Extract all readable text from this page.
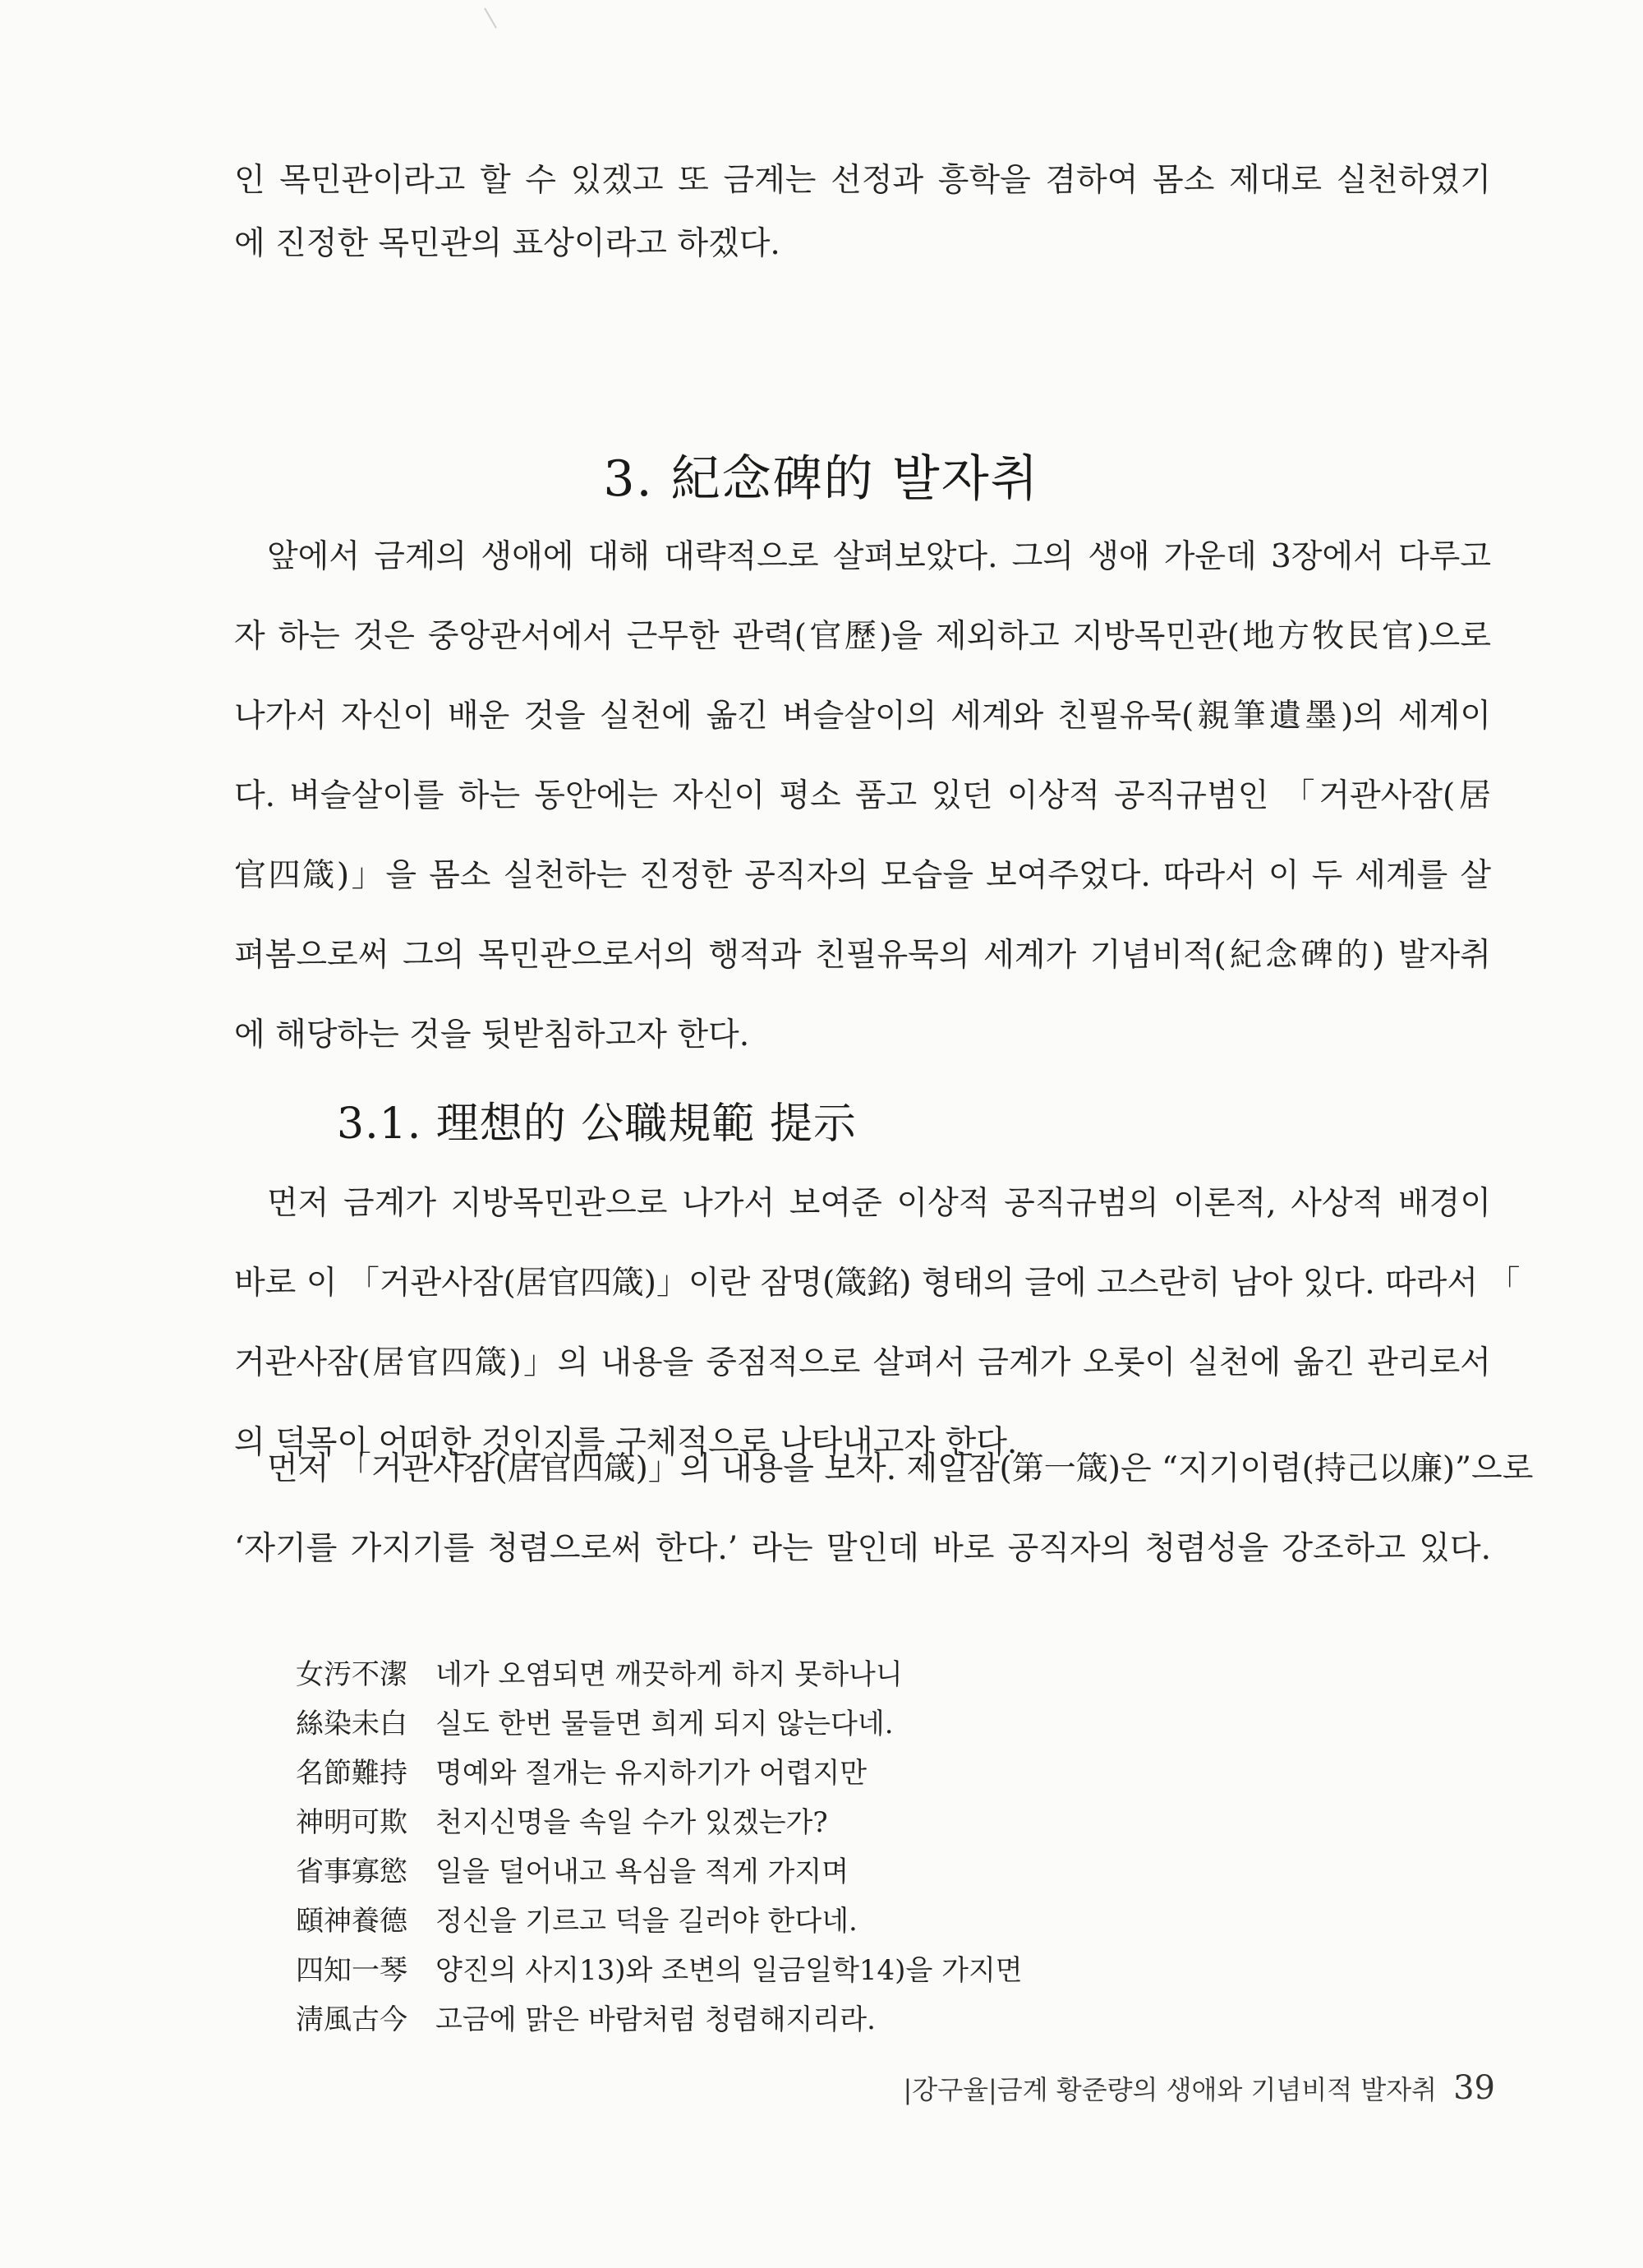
인 목민관이라고 할 수 있겠고 또 금계는 선정과 흥학을 겸하여 몸소 제대로 실천하였기
에 진정한 목민관의 표상이라고 하겠다.
3. 紀念碑的 발자취
앞에서 금계의 생애에 대해 대략적으로 살펴보았다. 그의 생애 가운데 3장에서 다루고
자 하는 것은 중앙관서에서 근무한 관력(官歷)을 제외하고 지방목민관(地方牧民官)으로
나가서 자신이 배운 것을 실천에 옮긴 벼슬살이의 세계와 친필유묵(親筆遺墨)의 세계이
다. 벼슬살이를 하는 동안에는 자신이 평소 품고 있던 이상적 공직규범인 「거관사잠(居
官四箴)」을 몸소 실천하는 진정한 공직자의 모습을 보여주었다. 따라서 이 두 세계를 살
펴봄으로써 그의 목민관으로서의 행적과 친필유묵의 세계가 기념비적(紀念碑的) 발자취
에 해당하는 것을 뒷받침하고자 한다.
3.1. 理想的 公職規範 提示
먼저 금계가 지방목민관으로 나가서 보여준 이상적 공직규범의 이론적, 사상적 배경이
바로 이 「거관사잠(居官四箴)」이란 잠명(箴銘) 형태의 글에 고스란히 남아 있다. 따라서 「
거관사잠(居官四箴)」의 내용을 중점적으로 살펴서 금계가 오롯이 실천에 옮긴 관리로서
의 덕목이 어떠한 것인지를 구체적으로 나타내고자 한다.
먼저 「거관사잠(居官四箴)」의 내용을 보자. 제일잠(第一箴)은 “지기이렴(持己以廉)”으로
‘자기를 가지기를 청렴으로써 한다.’ 라는 말인데 바로 공직자의 청렴성을 강조하고 있다.
女汚不潔 네가 오염되면 깨끗하게 하지 못하나니
絲染未白 실도 한번 물들면 희게 되지 않는다네.
名節難持 명예와 절개는 유지하기가 어렵지만
神明可欺 천지신명을 속일 수가 있겠는가?
省事寡慾 일을 덜어내고 욕심을 적게 가지며
頤神養德 정신을 기르고 덕을 길러야 한다네.
四知一琴 양진의 사지13)와 조변의 일금일학14)을 가지면
淸風古今 고금에 맑은 바람처럼 청렴해지리라.
|강구율|금계 황준량의 생애와 기념비적 발자취 39
